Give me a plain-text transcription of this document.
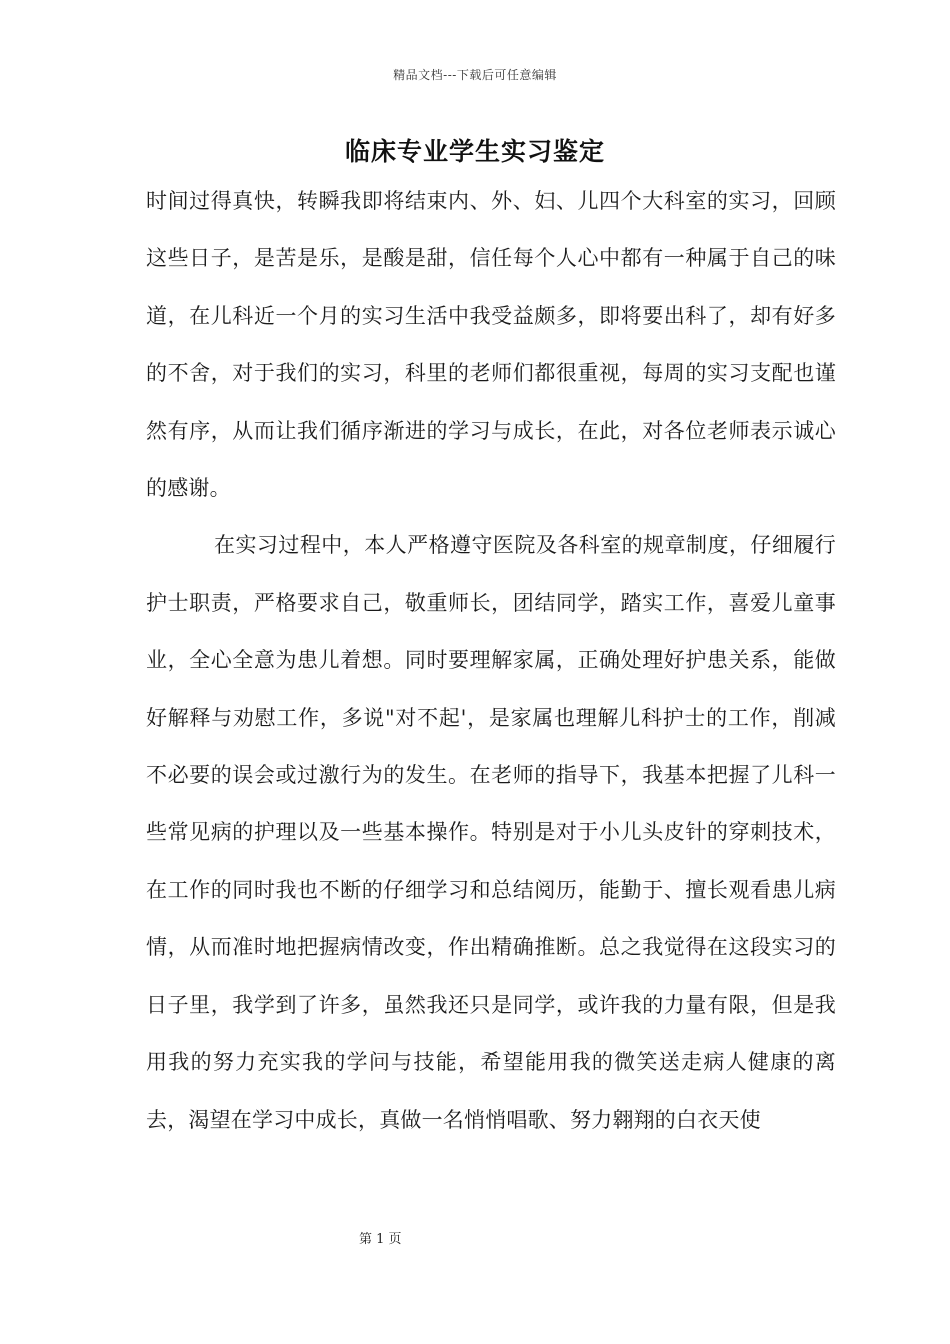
精品文档---下载后可任意编辑
临床专业学生实习鉴定

时间过得真快，转瞬我即将结束内、外、妇、儿四个大科室的实习，回顾这些日子，是苦是乐，是酸是甜，信任每个人心中都有一种属于自己的味道，在儿科近一个月的实习生活中我受益颇多，即将要出科了，却有好多的不舍，对于我们的实习，科里的老师们都很重视，每周的实习支配也谨然有序，从而让我们循序渐进的学习与成长，在此，对各位老师表示诚心的感谢。

在实习过程中，本人严格遵守医院及各科室的规章制度，仔细履行护士职责，严格要求自己，敬重师长，团结同学，踏实工作，喜爱儿童事业，全心全意为患儿着想。同时要理解家属，正确处理好护患关系，能做好解释与劝慰工作，多说"对不起'，是家属也理解儿科护士的工作，削减不必要的误会或过激行为的发生。在老师的指导下，我基本把握了儿科一些常见病的护理以及一些基本操作。特别是对于小儿头皮针的穿刺技术，在工作的同时我也不断的仔细学习和总结阅历，能勤于、擅长观看患儿病情，从而准时地把握病情改变，作出精确推断。总之我觉得在这段实习的日子里，我学到了许多，虽然我还只是同学，或许我的力量有限，但是我用我的努力充实我的学问与技能，希望能用我的微笑送走病人健康的离去，渴望在学习中成长，真做一名悄悄唱歌、努力翱翔的白衣天使

第 1 页
